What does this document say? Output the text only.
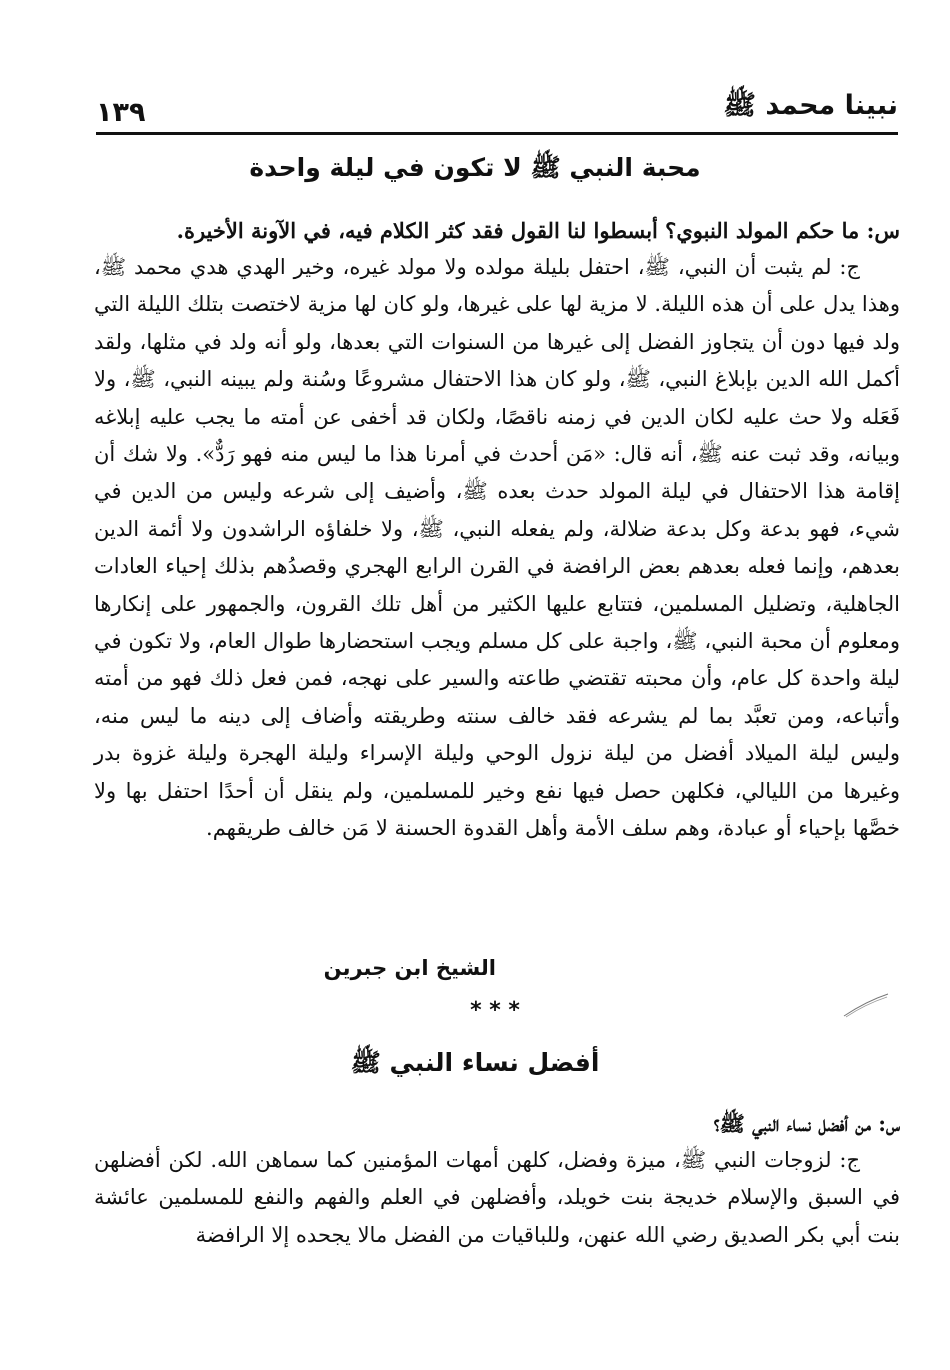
نبينا محمد ﷺ
١٣٩
محبة النبي ﷺ لا تكون في ليلة واحدة

س: ما حكم المولد النبوي؟ أبسطوا لنا القول فقد كثر الكلام فيه، في الآونة الأخيرة.

ج: لم يثبت أن النبي، ﷺ، احتفل بليلة مولده ولا مولد غيره، وخير الهدي هدي محمد ﷺ، وهذا يدل على أن هذه الليلة. لا مزية لها على غيرها، ولو كان لها مزية لاختصت بتلك الليلة التي ولد فيها دون أن يتجاوز الفضل إلى غيرها من السنوات التي بعدها، ولو أنه ولد في مثلها، ولقد أكمل الله الدين بإبلاغ النبي، ﷺ، ولو كان هذا الاحتفال مشروعًا وسُنة ولم يبينه النبي، ﷺ، ولا فَعَله ولا حث عليه لكان الدين في زمنه ناقصًا، ولكان قد أخفى عن أمته ما يجب عليه إبلاغه وبيانه، وقد ثبت عنه ﷺ، أنه قال: «مَن أحدث في أمرنا هذا ما ليس منه فهو رَدٌّ». ولا شك أن إقامة هذا الاحتفال في ليلة المولد حدث بعده ﷺ، وأضيف إلى شرعه وليس من الدين في شيء، فهو بدعة وكل بدعة ضلالة، ولم يفعله النبي، ﷺ، ولا خلفاؤه الراشدون ولا أئمة الدين بعدهم، وإنما فعله بعدهم بعض الرافضة في القرن الرابع الهجري وقصدُهم بذلك إحياء العادات الجاهلية، وتضليل المسلمين، فتتابع عليها الكثير من أهل تلك القرون، والجمهور على إنكارها ومعلوم أن محبة النبي، ﷺ، واجبة على كل مسلم ويجب استحضارها طوال العام، ولا تكون في ليلة واحدة كل عام، وأن محبته تقتضي طاعته والسير على نهجه، فمن فعل ذلك فهو من أمته وأتباعه، ومن تعبَّد بما لم يشرعه فقد خالف سنته وطريقته وأضاف إلى دينه ما ليس منه، وليس ليلة الميلاد أفضل من ليلة نزول الوحي وليلة الإسراء وليلة الهجرة وليلة غزوة بدر وغيرها من الليالي، فكلهن حصل فيها نفع وخير للمسلمين، ولم ينقل أن أحدًا احتفل بها ولا خصَّها بإحياء أو عبادة، وهم سلف الأمة وأهل القدوة الحسنة لا مَن خالف طريقهم.

الشيخ ابن جبرين
* * *
أفضل نساء النبي ﷺ

س: من أفضل نساء النبي ﷺ؟

ج: لزوجات النبي ﷺ، ميزة وفضل، كلهن أمهات المؤمنين كما سماهن الله. لكن أفضلهن في السبق والإسلام خديجة بنت خويلد، وأفضلهن في العلم والفهم والنفع للمسلمين عائشة بنت أبي بكر الصديق رضي الله عنهن، وللباقيات من الفضل مالا يجحده إلا الرافضة
